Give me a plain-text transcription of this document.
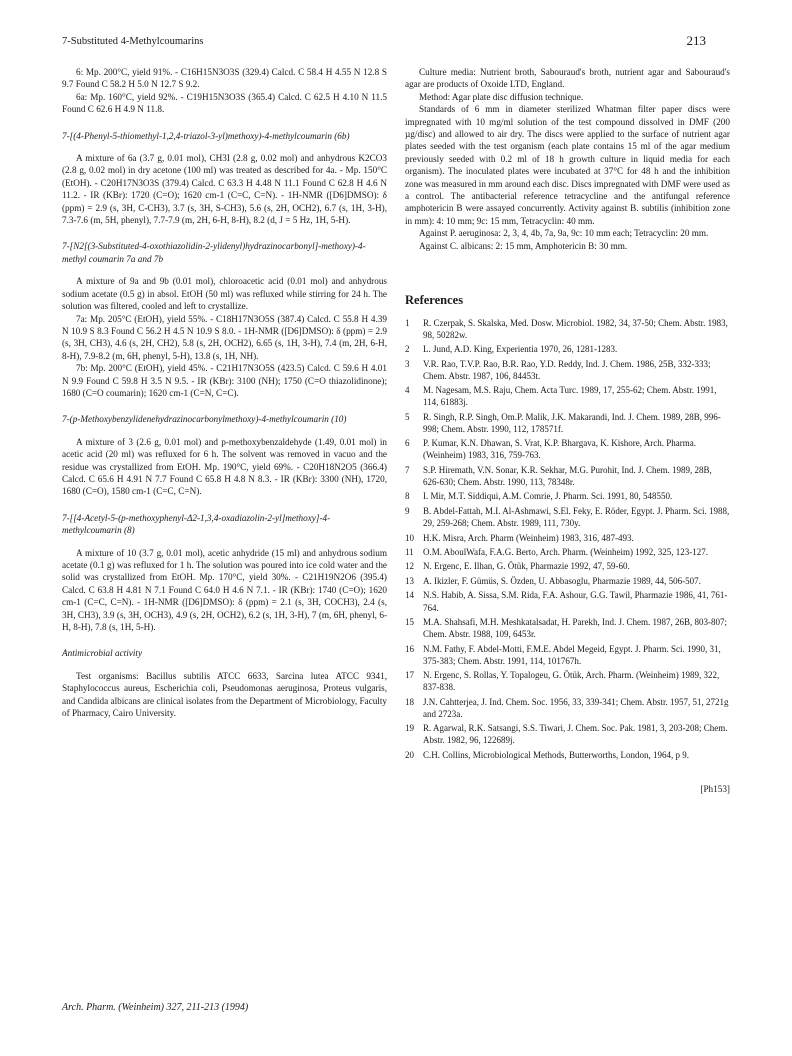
7-Substituted 4-Methylcoumarins	213

6: Mp. 200°C, yield 91%. - C16H15N3O3S (329.4) Calcd. C 58.4 H 4.55 N 12.8 S 9.7 Found C 58.2 H 5.0 N 12.7 S 9.2.

6a: Mp. 160°C, yield 92%. - C19H15N3O3S (365.4) Calcd. C 62.5 H 4.10 N 11.5 Found C 62.6 H 4.9 N 11.8.

7-[(4-Phenyl-5-thiomethyl-1,2,4-triazol-3-yl)methoxy)-4-methylcoumarin (6b)

A mixture of 6a (3.7 g, 0.01 mol), CH3I (2.8 g, 0.02 mol) and anhydrous K2CO3 (2.8 g, 0.02 mol) in dry acetone (100 ml) was treated as described for 4a. - Mp. 150°C (EtOH). - C20H17N3O3S (379.4) Calcd. C 63.3 H 4.48 N 11.1 Found C 62.8 H 4.6 N 11.2. - IR (KBr): 1720 (C=O); 1620 cm-1 (C=C, C=N). - 1H-NMR ([D6]DMSO): δ (ppm) = 2.9 (s, 3H, C-CH3), 3.7 (s, 3H, S-CH3), 5.6 (s, 2H, OCH2), 6.7 (s, 1H, 3-H), 7.3-7.6 (m, 5H, phenyl), 7.7-7.9 (m, 2H, 6-H, 8-H), 8.2 (d, J = 5 Hz, 1H, 5-H).

7-[N2[(3-Substituted-4-oxothiazolidin-2-ylidenyl)hydrazinocarbonyl]-methoxy)-4-methyl coumarin 7a and 7b

A mixture of 9a and 9b (0.01 mol), chloroacetic acid (0.01 mol) and anhydrous sodium acetate (0.5 g) in absol. EtOH (50 ml) was refluxed while stirring for 24 h. The solution was filtered, cooled and left to crystallize.

7a: Mp. 205°C (EtOH), yield 55%. - C18H17N3O5S (387.4) Calcd. C 55.8 H 4.39 N 10.9 S 8.3 Found C 56.2 H 4.5 N 10.9 S 8.0. - 1H-NMR ([D6]DMSO): δ (ppm) = 2.9 (s, 3H, CH3), 4.6 (s, 2H, CH2), 5.8 (s, 2H, OCH2), 6.65 (s, 1H, 3-H), 7.4 (m, 2H, 6-H, 8-H), 7.9-8.2 (m, 6H, phenyl, 5-H), 13.8 (s, 1H, NH).

7b: Mp. 200°C (EtOH), yield 45%. - C21H17N3O5S (423.5) Calcd. C 59.6 H 4.01 N 9.9 Found C 59.8 H 3.5 N 9.5. - IR (KBr): 3100 (NH); 1750 (C=O thiazolidinone); 1680 (C=O coumarin); 1620 cm-1 (C=N, C=C).

7-(p-Methoxybenzylidenehydrazinocarbonylmethoxy)-4-methylcoumarin (10)

A mixture of 3 (2.6 g, 0.01 mol) and p-methoxybenzaldehyde (1.49, 0.01 mol) in acetic acid (20 ml) was refluxed for 6 h. The solvent was removed in vacuo and the residue was crystallized from EtOH. Mp. 190°C, yield 69%. - C20H18N2O5 (366.4) Calcd. C 65.6 H 4.91 N 7.7 Found C 65.8 H 4.8 N 8.3. - IR (KBr): 3300 (NH), 1720, 1680 (C=O), 1580 cm-1 (C=C, C=N).

7-[[4-Acetyl-5-(p-methoxyphenyl-Δ2-1,3,4-oxadiazolin-2-yl]methoxy]-4-methylcoumarin (8)

A mixture of 10 (3.7 g, 0.01 mol), acetic anhydride (15 ml) and anhydrous sodium acetate (0.1 g) was refluxed for 1 h. The solution was poured into ice cold water and the solid was crystallized from EtOH. Mp. 170°C, yield 30%. - C21H19N2O6 (395.4) Calcd. C 63.8 H 4.81 N 7.1 Found C 64.0 H 4.6 N 7.1. - IR (KBr): 1740 (C=O); 1620 cm-1 (C=C, C=N). - 1H-NMR ([D6]DMSO): δ (ppm) = 2.1 (s, 3H, COCH3), 2.4 (s, 3H, CH3), 3.9 (s, 3H, OCH3), 4.9 (s, 2H, OCH2), 6.2 (s, 1H, 3-H), 7 (m, 6H, phenyl, 6-H, 8-H), 7.8 (s, 1H, 5-H).

Antimicrobial activity

Test organisms: Bacillus subtilis ATCC 6633, Sarcina lutea ATCC 9341, Staphylococcus aureus, Escherichia coli, Pseudomonas aeruginosa, Proteus vulgaris, and Candida albicans are clinical isolates from the Department of Microbiology, Faculty of Pharmacy, Cairo University.

Culture media: Nutrient broth, Sabouraud's broth, nutrient agar and Sabouraud's agar are products of Oxoide LTD, England.

Method: Agar plate disc diffusion technique.

Standards of 6 mm in diameter sterilized Whatman filter paper discs were impregnated with 10 mg/ml solution of the test compound dissolved in DMF (200 µg/disc) and allowed to air dry. The discs were applied to the surface of nutrient agar plates seeded with the test organism (each plate contains 15 ml of the agar medium previously seeded with 0.2 ml of 18 h growth culture in liquid media for each organism). The inoculated plates were incubated at 37°C for 48 h and the inhibition zone was measured in mm around each disc. Discs impregnated with DMF were used as a control. The antibacterial reference tetracycline and the antifungal reference amphotericin B were assayed concurrently. Activity against B. subtilis (inhibition zone in mm): 4: 10 mm; 9c: 15 mm, Tetracyclin: 40 mm.

Against P. aeruginosa: 2, 3, 4, 4b, 7a, 9a, 9c: 10 mm each; Tetracyclin: 20 mm.

Against C. albicans: 2: 15 mm, Amphotericin B: 30 mm.

References
1	R. Czerpak, S. Skalska, Med. Dosw. Microbiol. 1982, 34, 37-50; Chem. Abstr. 1983, 98, 50282w.
2	L. Jund, A.D. King, Experientia 1970, 26, 1281-1283.
3	V.R. Rao, T.V.P. Rao, B.R. Rao, Y.D. Reddy, Ind. J. Chem. 1986, 25B, 332-333; Chem. Abstr. 1987, 106, 84453t.
4	M. Nagesam, M.S. Raju, Chem. Acta Turc. 1989, 17, 255-62; Chem. Abstr. 1991, 114, 61883j.
5	R. Singh, R.P. Singh, Om.P. Malik, J.K. Makarandi, Ind. J. Chem. 1989, 28B, 996-998; Chem. Abstr. 1990, 112, 178571f.
6	P. Kumar, K.N. Dhawan, S. Vrat, K.P. Bhargava, K. Kishore, Arch. Pharma. (Weinheim) 1983, 316, 759-763.
7	S.P. Hiremath, V.N. Sonar, K.R. Sekhar, M.G. Purohit, Ind. J. Chem. 1989, 28B, 626-630; Chem. Abstr. 1990, 113, 78348r.
8	I. Mir, M.T. Siddiqui, A.M. Comrie, J. Pharm. Sci. 1991, 80, 548550.
9	B. Abdel-Fattah, M.I. Al-Ashmawi, S.El. Feky, E. Röder, Egypt. J. Pharm. Sci. 1988, 29, 259-268; Chem. Abstr. 1989, 111, 730y.
10	H.K. Misra, Arch. Pharm (Weinheim) 1983, 316, 487-493.
11	O.M. AboulWafa, F.A.G. Berto, Arch. Pharm. (Weinheim) 1992, 325, 123-127.
12	N. Ergenc, E. Ilhan, G. Ötük, Pharmazie 1992, 47, 59-60.
13	A. Ikizler, F. Gümüs, S. Özden, U. Abbasoglu, Pharmazie 1989, 44, 506-507.
14	N.S. Habib, A. Sissa, S.M. Rida, F.A. Ashour, G.G. Tawil, Pharmazie 1986, 41, 761-764.
15	M.A. Shahsafi, M.H. Meshkatalsadat, H. Parekh, Ind. J. Chem. 1987, 26B, 803-807; Chem. Abstr. 1988, 109, 6453r.
16	N.M. Fathy, F. Abdel-Motti, F.M.E. Abdel Megeid, Egypt. J. Pharm. Sci. 1990, 31, 375-383; Chem. Abstr. 1991, 114, 101767h.
17	N. Ergenc, S. Rollas, Y. Topalogeu, G. Ötük, Arch. Pharm. (Weinheim) 1989, 322, 837-838.
18	J.N. Cahtterjea, J. Ind. Chem. Soc. 1956, 33, 339-341; Chem. Abstr. 1957, 51, 2721g and 2723a.
19	R. Agarwal, R.K. Satsangi, S.S. Tiwari, J. Chem. Soc. Pak. 1981, 3, 203-208; Chem. Abstr. 1982, 96, 122689j.
20	C.H. Collins, Microbiological Methods, Butterworths, London, 1964, p 9.
[Ph153]
Arch. Pharm. (Weinheim) 327, 211-213 (1994)
